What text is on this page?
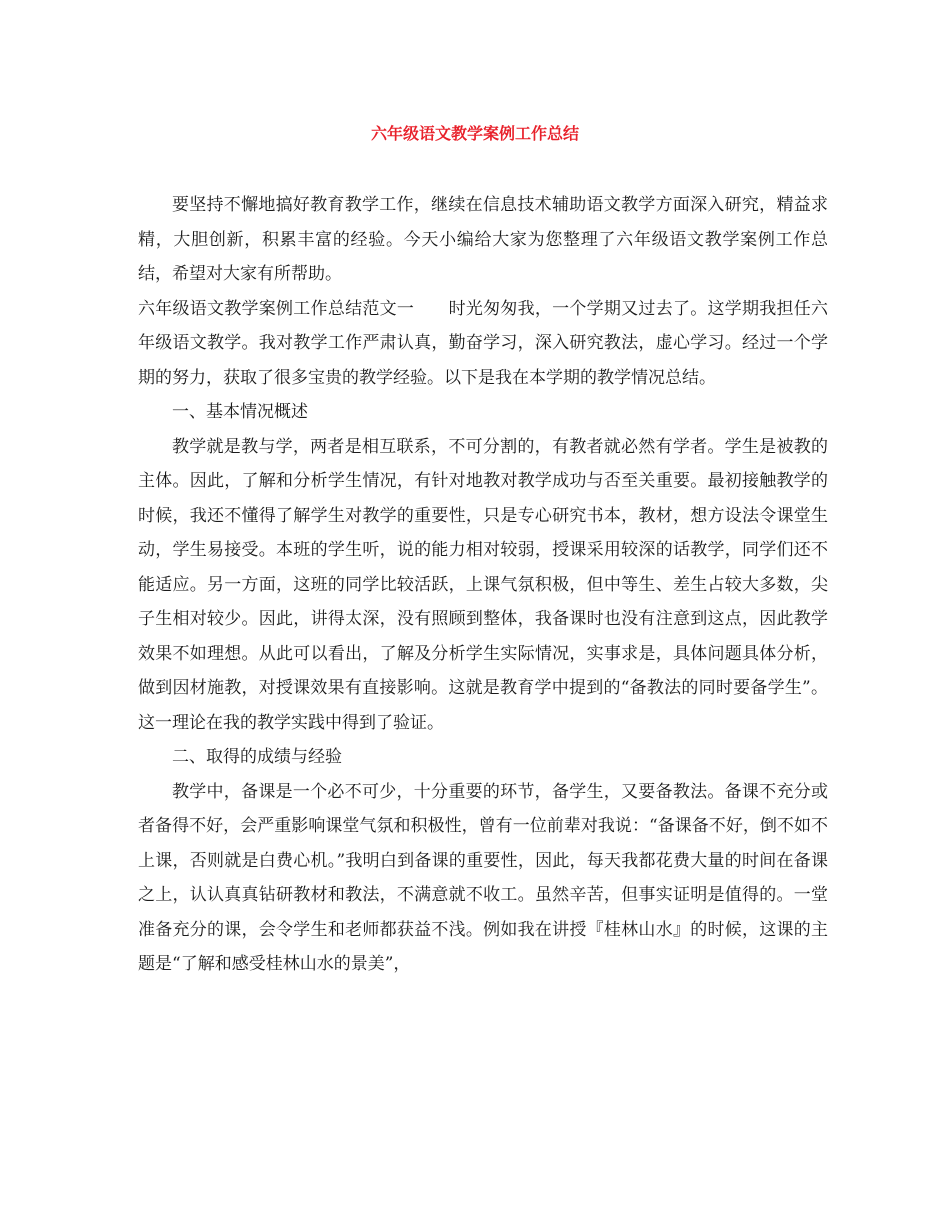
六年级语文教学案例工作总结

要坚持不懈地搞好教育教学工作，继续在信息技术辅助语文教学方面深入研究，精益求精，大胆创新，积累丰富的经验。今天小编给大家为您整理了六年级语文教学案例工作总结，希望对大家有所帮助。

六年级语文教学案例工作总结范文一　　时光匆匆我，一个学期又过去了。这学期我担任六年级语文教学。我对教学工作严肃认真，勤奋学习，深入研究教法，虚心学习。经过一个学期的努力，获取了很多宝贵的教学经验。以下是我在本学期的教学情况总结。

一、基本情况概述

教学就是教与学，两者是相互联系，不可分割的，有教者就必然有学者。学生是被教的主体。因此，了解和分析学生情况，有针对地教对教学成功与否至关重要。最初接触教学的时候，我还不懂得了解学生对教学的重要性，只是专心研究书本，教材，想方设法令课堂生动，学生易接受。本班的学生听，说的能力相对较弱，授课采用较深的话教学，同学们还不能适应。另一方面，这班的同学比较活跃，上课气氛积极，但中等生、差生占较大多数，尖子生相对较少。因此，讲得太深，没有照顾到整体，我备课时也没有注意到这点，因此教学效果不如理想。从此可以看出，了解及分析学生实际情况，实事求是，具体问题具体分析，做到因材施教，对授课效果有直接影响。这就是教育学中提到的“备教法的同时要备学生”。这一理论在我的教学实践中得到了验证。

二、取得的成绩与经验

教学中，备课是一个必不可少，十分重要的环节，备学生，又要备教法。备课不充分或者备得不好，会严重影响课堂气氛和积极性，曾有一位前辈对我说：“备课备不好，倒不如不上课，否则就是白费心机。”我明白到备课的重要性，因此，每天我都花费大量的时间在备课之上，认认真真钻研教材和教法，不满意就不收工。虽然辛苦，但事实证明是值得的。一堂准备充分的课，会令学生和老师都获益不浅。例如我在讲授『桂林山水』的时候，这课的主题是“了解和感受桂林山水的景美”，
